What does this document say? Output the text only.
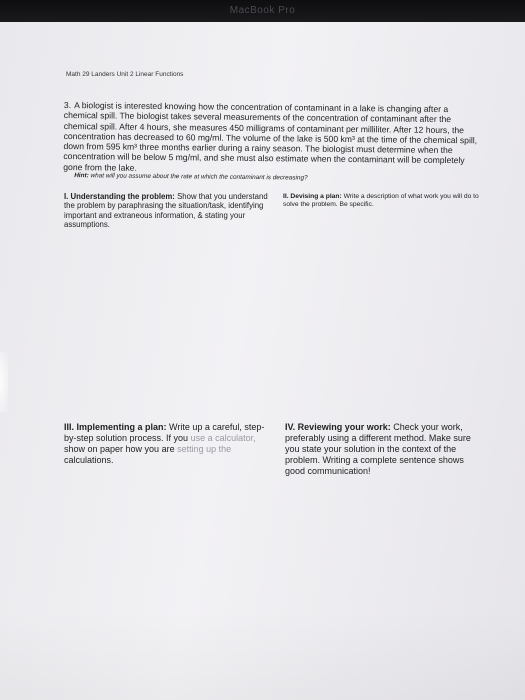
MacBook Pro
Math 29 Landers Unit 2 Linear Functions
3. A biologist is interested knowing how the concentration of contaminant in a lake is changing after a chemical spill. The biologist takes several measurements of the concentration of contaminant after the chemical spill. After 4 hours, she measures 450 milligrams of contaminant per milliliter. After 12 hours, the concentration has decreased to 60 mg/ml. The volume of the lake is 500 km³ at the time of the chemical spill, down from 595 km³ three months earlier during a rainy season. The biologist must determine when the concentration will be below 5 mg/ml, and she must also estimate when the contaminant will be completely gone from the lake.
Hint: what will you assume about the rate at which the contaminant is decreasing?
I. Understanding the problem: Show that you understand the problem by paraphrasing the situation/task, identifying important and extraneous information, & stating your assumptions.
II. Devising a plan: Write a description of what work you will do to solve the problem. Be specific.
III. Implementing a plan: Write up a careful, step-by-step solution process. If you use a calculator, show on paper how you are setting up the calculations.
IV. Reviewing your work: Check your work, preferably using a different method. Make sure you state your solution in the context of the problem. Writing a complete sentence shows good communication!
